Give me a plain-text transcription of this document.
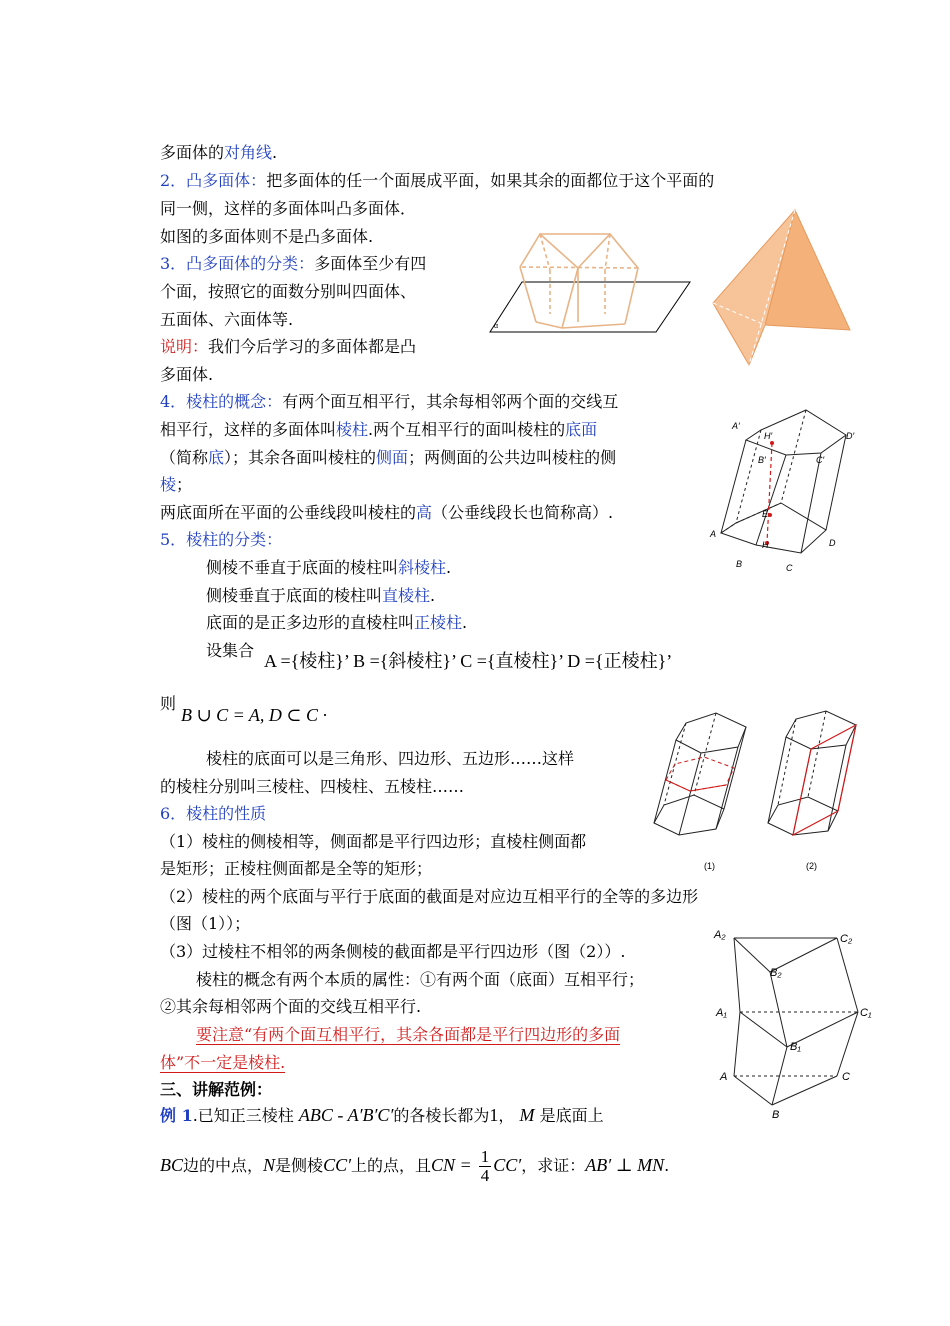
多面体的对角线.
2．凸多面体：把多面体的任一个面展成平面，如果其余的面都位于这个平面的
同一侧，这样的多面体叫凸多面体．
如图的多面体则不是凸多面体.
3．凸多面体的分类：多面体至少有四
个面，按照它的面数分别叫四面体、
五面体、六面体等.
说明：我们今后学习的多面体都是凸
多面体.
4．棱柱的概念：有两个面互相平行，其余每相邻两个面的交线互
相平行，这样的多面体叫棱柱.两个互相平行的面叫棱柱的底面
（简称底）；其余各面叫棱柱的侧面；两侧面的公共边叫棱柱的侧
棱；
两底面所在平面的公垂线段叫棱柱的高（公垂线段长也简称高）.
5．棱柱的分类：
侧棱不垂直于底面的棱柱叫斜棱柱.
侧棱垂直于底面的棱柱叫直棱柱.
底面的是正多边形的直棱柱叫正棱柱.
设集合
A ={棱柱}’ B ={斜棱柱}’ C ={直棱柱}’ D ={正棱柱}’
则
B ∪ C = A, D ⊂ C ·
棱柱的底面可以是三角形、四边形、五边形……这样
的棱柱分别叫三棱柱、四棱柱、五棱柱……
6．棱柱的性质
（1）棱柱的侧棱相等，侧面都是平行四边形；直棱柱侧面都
是矩形；正棱柱侧面都是全等的矩形；
（2）棱柱的两个底面与平行于底面的截面是对应边互相平行的全等的多边形
（图（1））；
（3）过棱柱不相邻的两条侧棱的截面都是平行四边形（图（2））.
棱柱的概念有两个本质的属性：①有两个面（底面）互相平行；
②其余每相邻两个面的交线互相平行.
要注意“有两个面互相平行，其余各面都是平行四边形的多面
体”不一定是棱柱.
三、讲解范例：
例 1.已知正三棱柱 ABC - A′B′C′的各棱长都为1， M 是底面上
BC边的中点，N是侧棱CC′上的点，且CN = $\frac{1}{4} CC'$，求证：AB′ ⊥ MN.
α
A′
H′	D′
B′	C′
E
A
H	D
B	C
(1)	(2)
A₂	C₂
B₂
A₁	C₁
B₁
A	C
B
